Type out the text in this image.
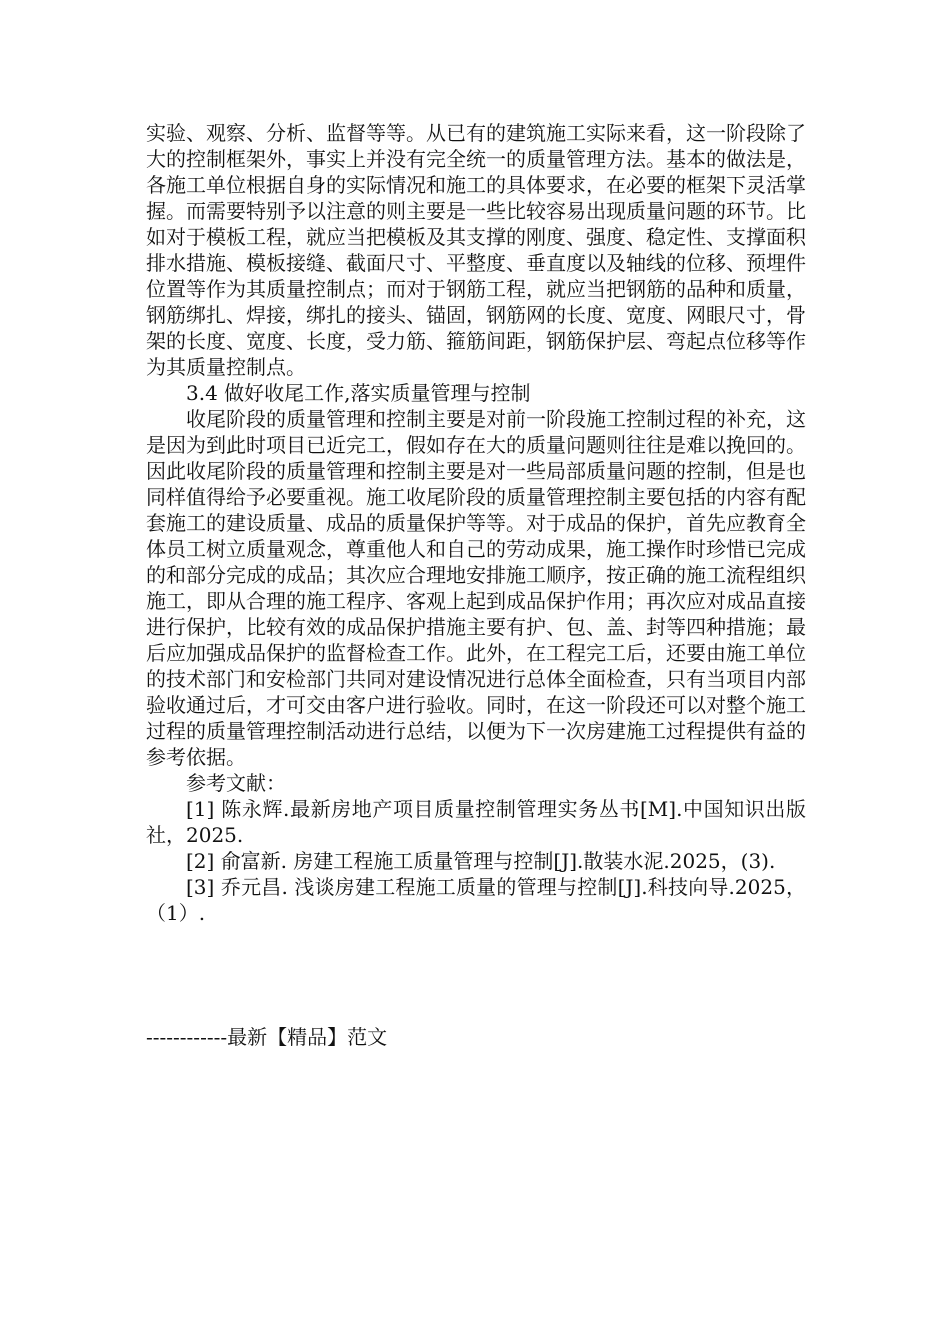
实验、观察、分析、监督等等。从已有的建筑施工实际来看，这一阶段除了大的控制框架外，事实上并没有完全统一的质量管理方法。基本的做法是，各施工单位根据自身的实际情况和施工的具体要求，在必要的框架下灵活掌握。而需要特别予以注意的则主要是一些比较容易出现质量问题的环节。比如对于模板工程，就应当把模板及其支撑的刚度、强度、稳定性、支撑面积排水措施、模板接缝、截面尺寸、平整度、垂直度以及轴线的位移、预埋件位置等作为其质量控制点；而对于钢筋工程，就应当把钢筋的品种和质量，钢筋绑扎、焊接，绑扎的接头、锚固，钢筋网的长度、宽度、网眼尺寸，骨架的长度、宽度、长度，受力筋、箍筋间距，钢筋保护层、弯起点位移等作为其质量控制点。

3.4 做好收尾工作,落实质量管理与控制

收尾阶段的质量管理和控制主要是对前一阶段施工控制过程的补充，这是因为到此时项目已近完工，假如存在大的质量问题则往往是难以挽回的。因此收尾阶段的质量管理和控制主要是对一些局部质量问题的控制，但是也同样值得给予必要重视。施工收尾阶段的质量管理控制主要包括的内容有配套施工的建设质量、成品的质量保护等等。对于成品的保护，首先应教育全体员工树立质量观念，尊重他人和自己的劳动成果，施工操作时珍惜已完成的和部分完成的成品；其次应合理地安排施工顺序，按正确的施工流程组织施工，即从合理的施工程序、客观上起到成品保护作用；再次应对成品直接进行保护，比较有效的成品保护措施主要有护、包、盖、封等四种措施；最后应加强成品保护的监督检查工作。此外，在工程完工后，还要由施工单位的技术部门和安检部门共同对建设情况进行总体全面检查，只有当项目内部验收通过后，才可交由客户进行验收。同时，在这一阶段还可以对整个施工过程的质量管理控制活动进行总结，以便为下一次房建施工过程提供有益的参考依据。

参考文献：

[1] 陈永辉.最新房地产项目质量控制管理实务丛书[M].中国知识出版社，2025.

[2] 俞富新. 房建工程施工质量管理与控制[J].散装水泥.2025，(3).

[3] 乔元昌. 浅谈房建工程施工质量的管理与控制[J].科技向导.2025，（1）.

------------最新【精品】范文
